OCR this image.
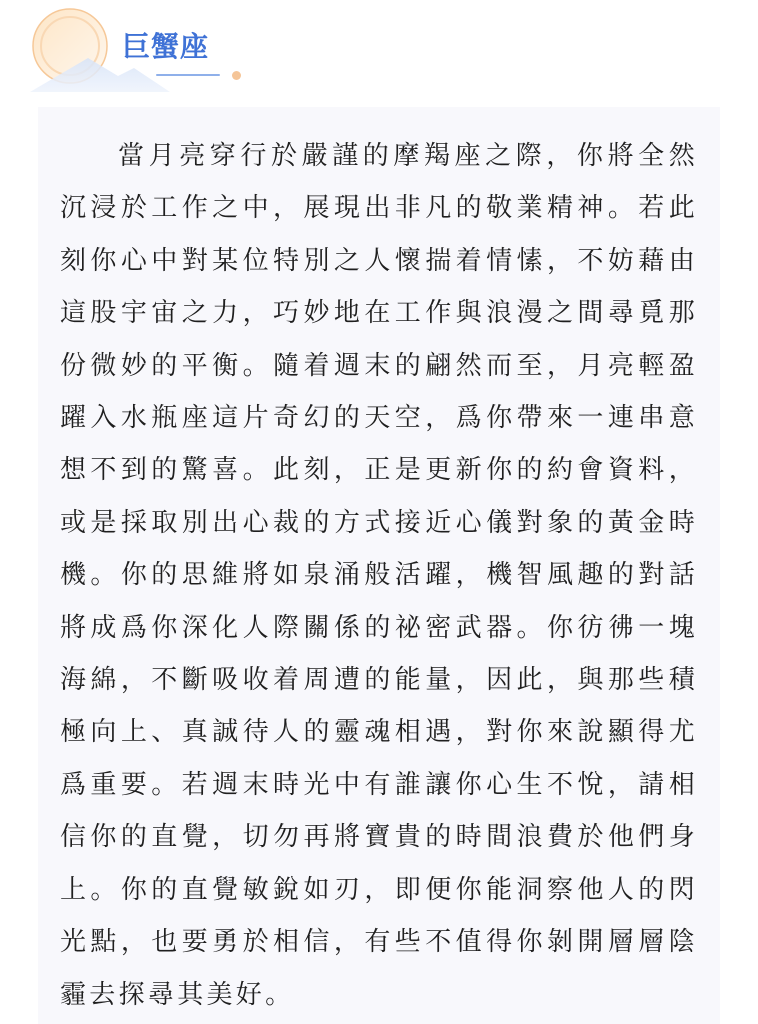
巨蟹座

當月亮穿行於嚴謹的摩羯座之際，你將全然沉浸於工作之中，展現出非凡的敬業精神。若此刻你心中對某位特別之人懷揣着情愫，不妨藉由這股宇宙之力，巧妙地在工作與浪漫之間尋覓那份微妙的平衡。隨着週末的翩然而至，月亮輕盈躍入水瓶座這片奇幻的天空，爲你帶來一連串意想不到的驚喜。此刻，正是更新你的約會資料，或是採取別出心裁的方式接近心儀對象的黃金時機。你的思維將如泉涌般活躍，機智風趣的對話將成爲你深化人際關係的祕密武器。你彷彿一塊海綿，不斷吸收着周遭的能量，因此，與那些積極向上、真誠待人的靈魂相遇，對你來說顯得尤爲重要。若週末時光中有誰讓你心生不悅，請相信你的直覺，切勿再將寶貴的時間浪費於他們身上。你的直覺敏銳如刃，即便你能洞察他人的閃光點，也要勇於相信，有些不值得你剝開層層陰霾去探尋其美好。
